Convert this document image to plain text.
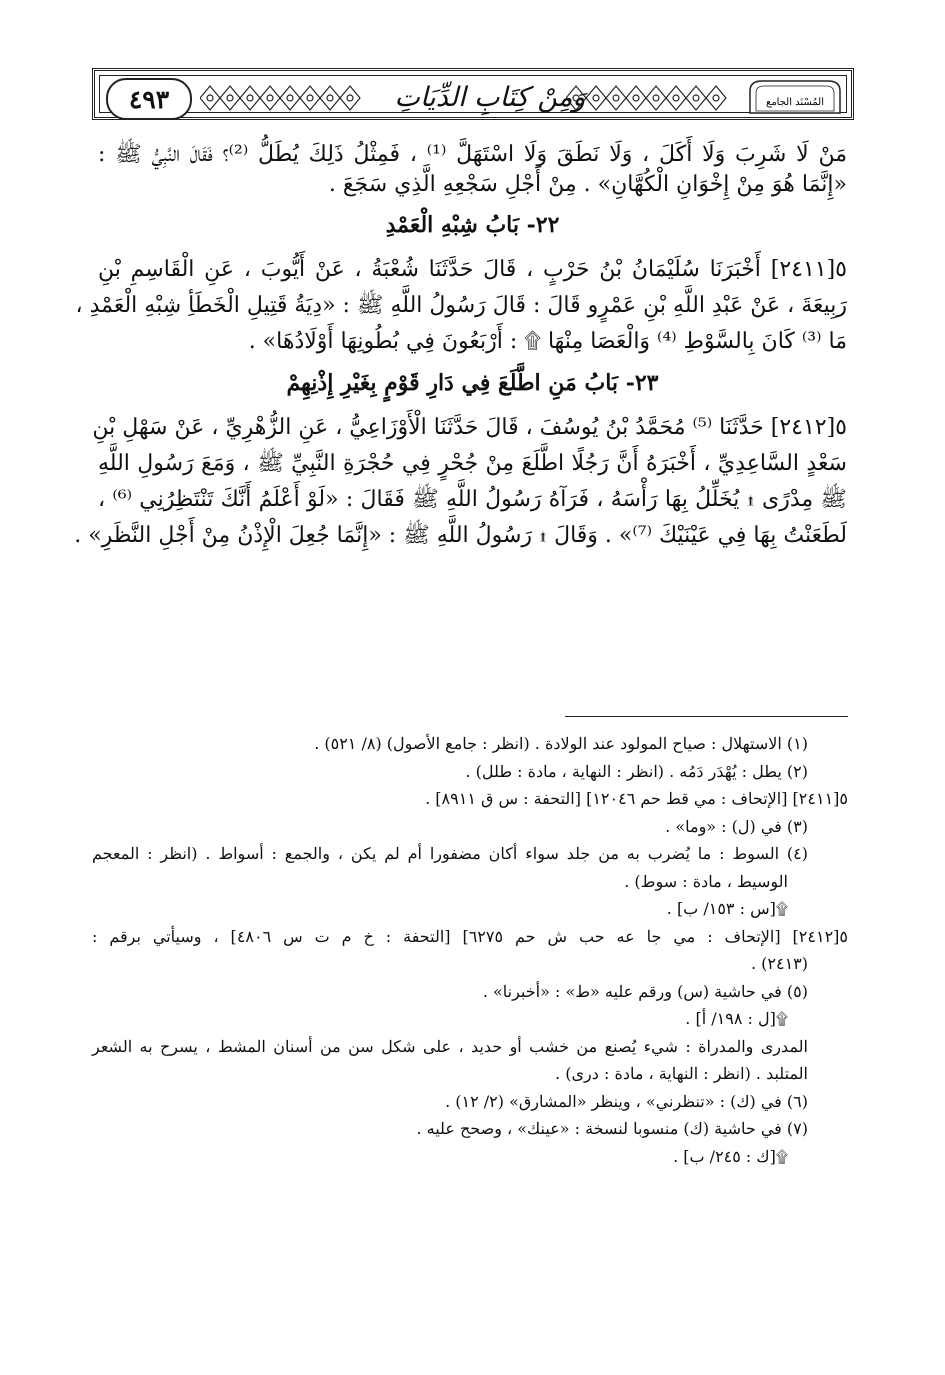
٤٩٣	وَمِنْ كِتَابِ الدِّيَاتِ	المُسْنَد الجامع

مَنْ لَا شَرِبَ وَلَا أَكَلَ ، وَلَا نَطَقَ وَلَا اسْتَهَلَّ ⁽¹⁾ ، فَمِثْلُ ذَلِكَ يُطَلُّ ⁽²⁾؟ فَقَالَ النَّبِيُّ ﷺ :

«إِنَّمَا هُوَ مِنْ إِخْوَانِ الْكُهَّانِ» . مِنْ أَجْلِ سَجْعِهِ الَّذِي سَجَعَ .

٢٢- بَابُ شِبْهِ الْعَمْدِ

٥[٢٤١١] أَخْبَرَنَا سُلَيْمَانُ بْنُ حَرْبٍ ، قَالَ حَدَّثَنَا شُعْبَةُ ، عَنْ أَيُّوبَ ، عَنِ الْقَاسِمِ بْنِ

رَبِيعَةَ ، عَنْ عَبْدِ اللَّهِ بْنِ عَمْرٍو قَالَ : قَالَ رَسُولُ اللَّهِ ﷺ : «دِيَةُ قَتِيلِ الْخَطَأِ شِبْهِ الْعَمْدِ ،

مَا ⁽³⁾ كَانَ بِالسَّوْطِ ⁽⁴⁾ وَالْعَصَا مِنْهَا ۩ : أَرْبَعُونَ فِي بُطُونِهَا أَوْلَادُهَا» .

٢٣- بَابُ مَنِ اطَّلَعَ فِي دَارِ قَوْمٍ بِغَيْرِ إِذْنِهِمْ

٥[٢٤١٢] حَدَّثَنَا ⁽⁵⁾ مُحَمَّدُ بْنُ يُوسُفَ ، قَالَ حَدَّثَنَا الْأَوْزَاعِيُّ ، عَنِ الزُّهْرِيِّ ، عَنْ سَهْلِ بْنِ

سَعْدٍ السَّاعِدِيِّ ، أَخْبَرَهُ أَنَّ رَجُلًا اطَّلَعَ مِنْ جُحْرٍ فِي حُجْرَةِ النَّبِيِّ ﷺ ، وَمَعَ رَسُولِ اللَّهِ

ﷺ مِدْرًى ۩ يُخَلِّلُ بِهَا رَأْسَهُ ، فَرَآهُ رَسُولُ اللَّهِ ﷺ فَقَالَ : «لَوْ أَعْلَمُ أَنَّكَ تَنْتَظِرُنِي ⁽⁶⁾ ،

لَطَعَنْتُ بِهَا فِي عَيْنَيْكَ ⁽⁷⁾» . وَقَالَ ۩ رَسُولُ اللَّهِ ﷺ : «إِنَّمَا جُعِلَ الْإِذْنُ مِنْ أَجْلِ النَّظَرِ» .

(١) الاستهلال : صياح المولود عند الولادة . (انظر : جامع الأصول) (٨/ ٥٢١) .

(٢) يطل : يُهْدَر دَمُه . (انظر : النهاية ، مادة : طلل) .

٥[٢٤١١] [الإتحاف : مي قط حم ١٢٠٤٦] [التحفة : س ق ٨٩١١] .

(٣) في (ل) : «وما» .

(٤) السوط : ما يُضرب به من جلد سواء أكان مضفورا أم لم يكن ، والجمع : أسواط . (انظر : المعجم

الوسيط ، مادة : سوط) .

۩[س : ١٥٣/ ب] .

٥[٢٤١٢] [الإتحاف : مي جا عه حب ش حم ٦٢٧٥] [التحفة : خ م ت س ٤٨٠٦] ، وسيأتي برقم :

(٢٤١٣) .

(٥) في حاشية (س) ورقم عليه «ط» : «أخبرنا» .

۩[ل : ١٩٨/ أ] .

المدرى والمدراة : شيء يُصنع من خشب أو حديد ، على شكل سن من أسنان المشط ، يسرح به الشعر

المتلبد . (انظر : النهاية ، مادة : درى) .

(٦) في (ك) : «تنظرني» ، وينظر «المشارق» (٢/ ١٢) .

(٧) في حاشية (ك) منسوبا لنسخة : «عينك» ، وصحح عليه .

۩[ك : ٢٤٥/ ب] .
